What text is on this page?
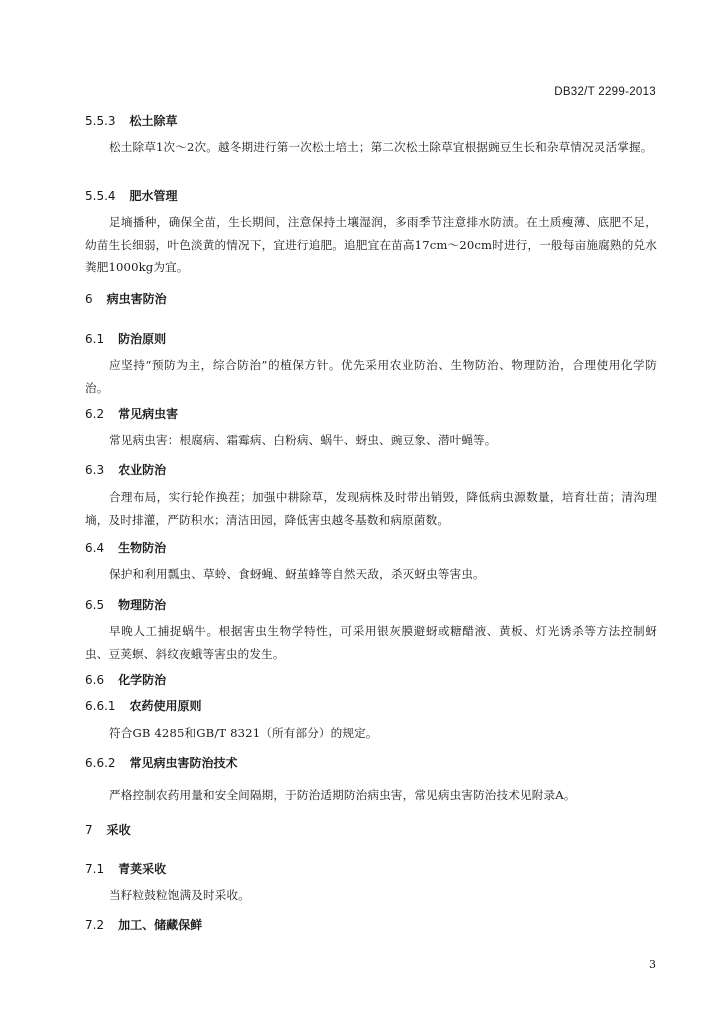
DB32/T 2299-2013
5.5.3 松土除草
松土除草1次～2次。越冬期进行第一次松土培土；第二次松土除草宜根据豌豆生长和杂草情况灵活掌握。
5.5.4 肥水管理
足墒播种，确保全苗，生长期间，注意保持土壤湿润，多雨季节注意排水防渍。在土质瘦薄、底肥不足，幼苗生长细弱，叶色淡黄的情况下，宜进行追肥。追肥宜在苗高17cm～20cm时进行，一般每亩施腐熟的兑水粪肥1000kg为宜。
6 病虫害防治
6.1 防治原则
应坚持“预防为主，综合防治”的植保方针。优先采用农业防治、生物防治、物理防治，合理使用化学防治。
6.2 常见病虫害
常见病虫害：根腐病、霜霉病、白粉病、蜗牛、蚜虫、豌豆象、潜叶蝇等。
6.3 农业防治
合理布局，实行轮作换茬；加强中耕除草，发现病株及时带出销毁，降低病虫源数量，培育壮苗；清沟理墒，及时排灌，严防积水；清洁田园，降低害虫越冬基数和病原菌数。
6.4 生物防治
保护和利用瓢虫、草蛉、食蚜蝇、蚜茧蜂等自然天敌，杀灭蚜虫等害虫。
6.5 物理防治
早晚人工捕捉蜗牛。根据害虫生物学特性，可采用银灰膜避蚜或糖醋液、黄板、灯光诱杀等方法控制蚜虫、豆荚螟、斜纹夜蛾等害虫的发生。
6.6 化学防治
6.6.1 农药使用原则
符合GB 4285和GB/T 8321（所有部分）的规定。
6.6.2 常见病虫害防治技术
严格控制农药用量和安全间隔期，于防治适期防治病虫害，常见病虫害防治技术见附录A。
7 采收
7.1 青荚采收
当籽粒鼓粒饱满及时采收。
7.2 加工、储藏保鲜
3
